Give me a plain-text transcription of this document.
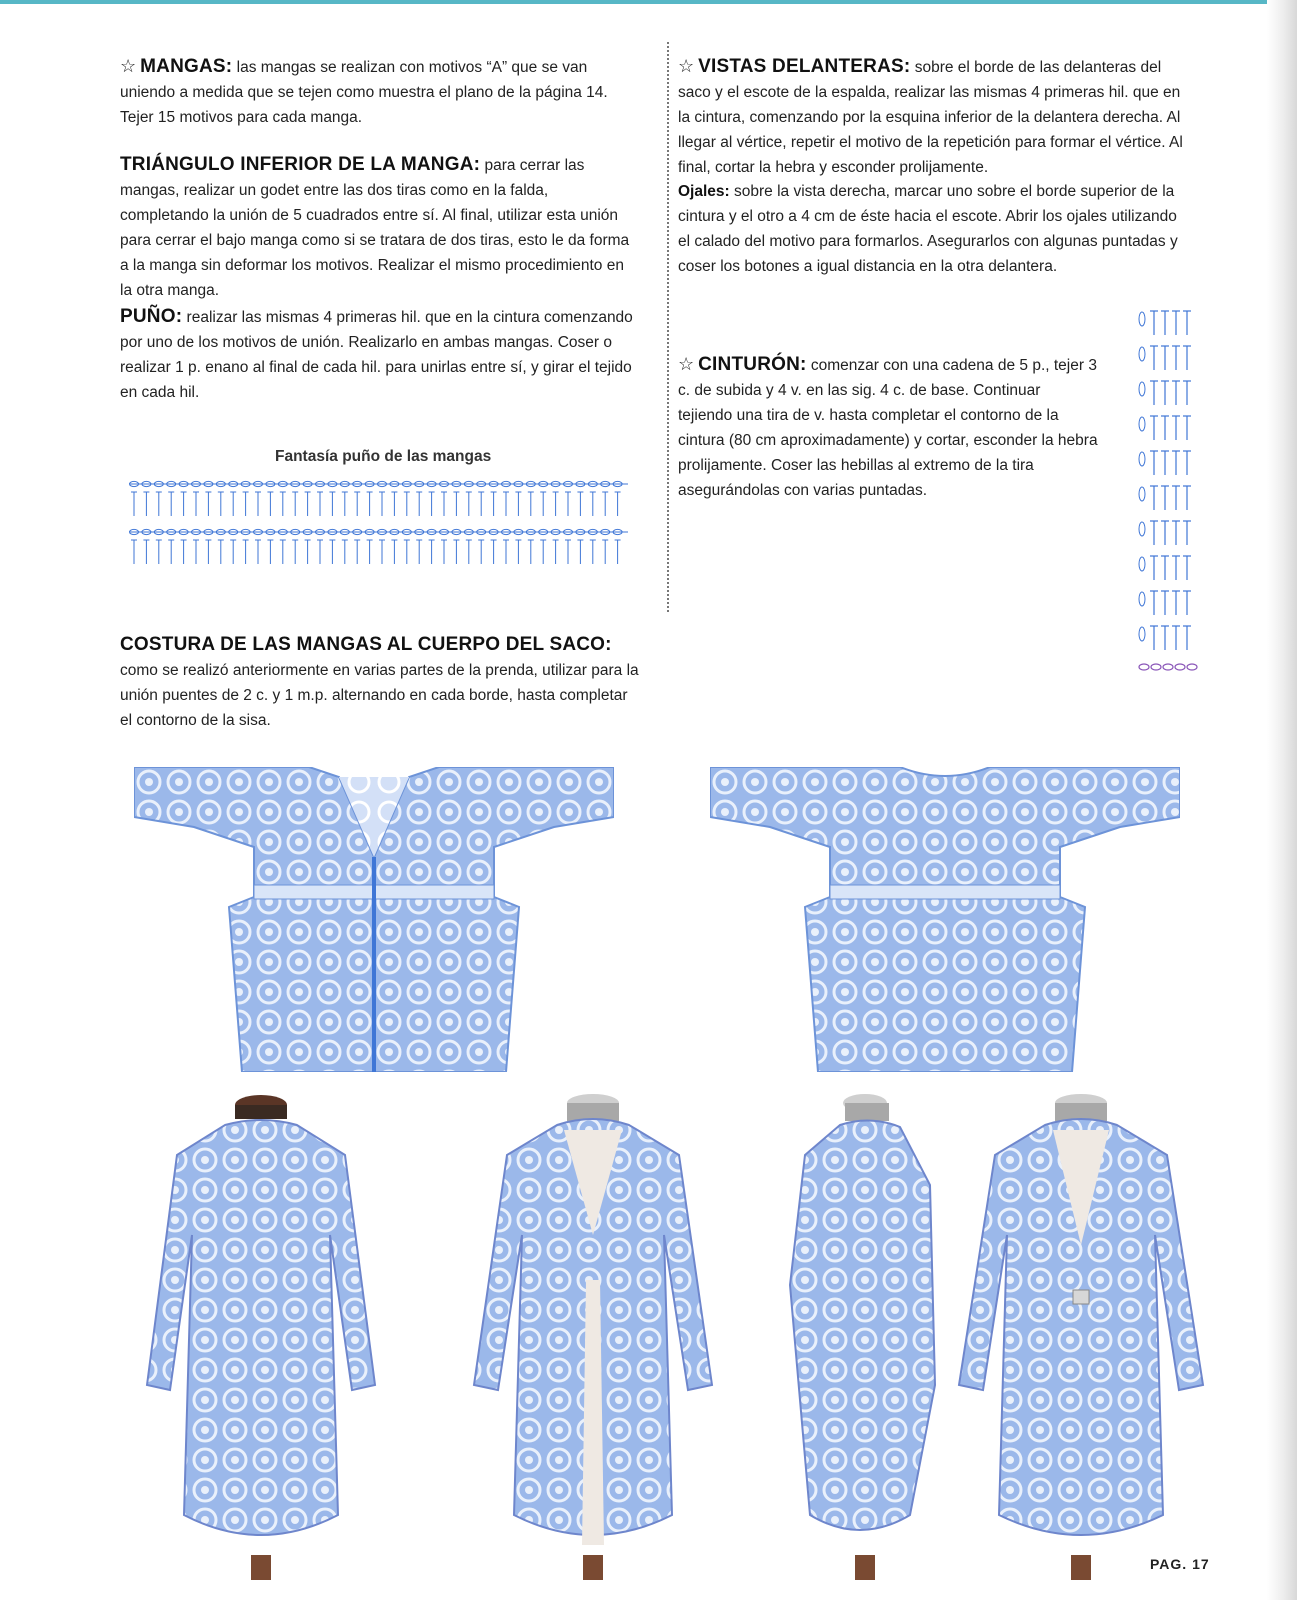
☆ MANGAS: las mangas se realizan con motivos “A” que se van uniendo a medida que se tejen como muestra el plano de la página 14. Tejer 15 motivos para cada manga.
TRIÁNGULO INFERIOR DE LA MANGA: para cerrar las mangas, realizar un godet entre las dos tiras como en la falda, completando la unión de 5 cuadrados entre sí. Al final, utilizar esta unión para cerrar el bajo manga como si se tratara de dos tiras, esto le da forma a la manga sin deformar los motivos. Realizar el mismo procedimiento en la otra manga.
PUÑO: realizar las mismas 4 primeras hil. que en la cintura comenzando por uno de los motivos de unión. Realizarlo en ambas mangas. Coser o realizar 1 p. enano al final de cada hil. para unirlas entre sí, y girar el tejido en cada hil.
Fantasía puño de las mangas
COSTURA DE LAS MANGAS AL CUERPO DEL SACO: como se realizó anteriormente en varias partes de la prenda, utilizar para la unión puentes de 2 c. y 1 m.p. alternando en cada borde, hasta completar el contorno de la sisa.
☆ VISTAS DELANTERAS: sobre el borde de las delanteras del saco y el escote de la espalda, realizar las mismas 4 primeras hil. que en la cintura, comenzando por la esquina inferior de la delantera derecha. Al llegar al vértice, repetir el motivo de la repetición para formar el vértice. Al final, cortar la hebra y esconder prolijamente.
Ojales: sobre la vista derecha, marcar uno sobre el borde superior de la cintura y el otro a 4 cm de éste hacia el escote. Abrir los ojales utilizando el calado del motivo para formarlos. Asegurarlos con algunas puntadas y coser los botones a igual distancia en la otra delantera.
☆ CINTURÓN: comenzar con una cadena de 5 p., tejer 3 c. de subida y 4 v. en las sig. 4 c. de base. Continuar tejiendo una tira de v. hasta completar el contorno de la cintura (80 cm aproximadamente) y cortar, esconder la hebra prolijamente. Coser las hebillas al extremo de la tira asegurándolas con varias puntadas.
PAG. 17
